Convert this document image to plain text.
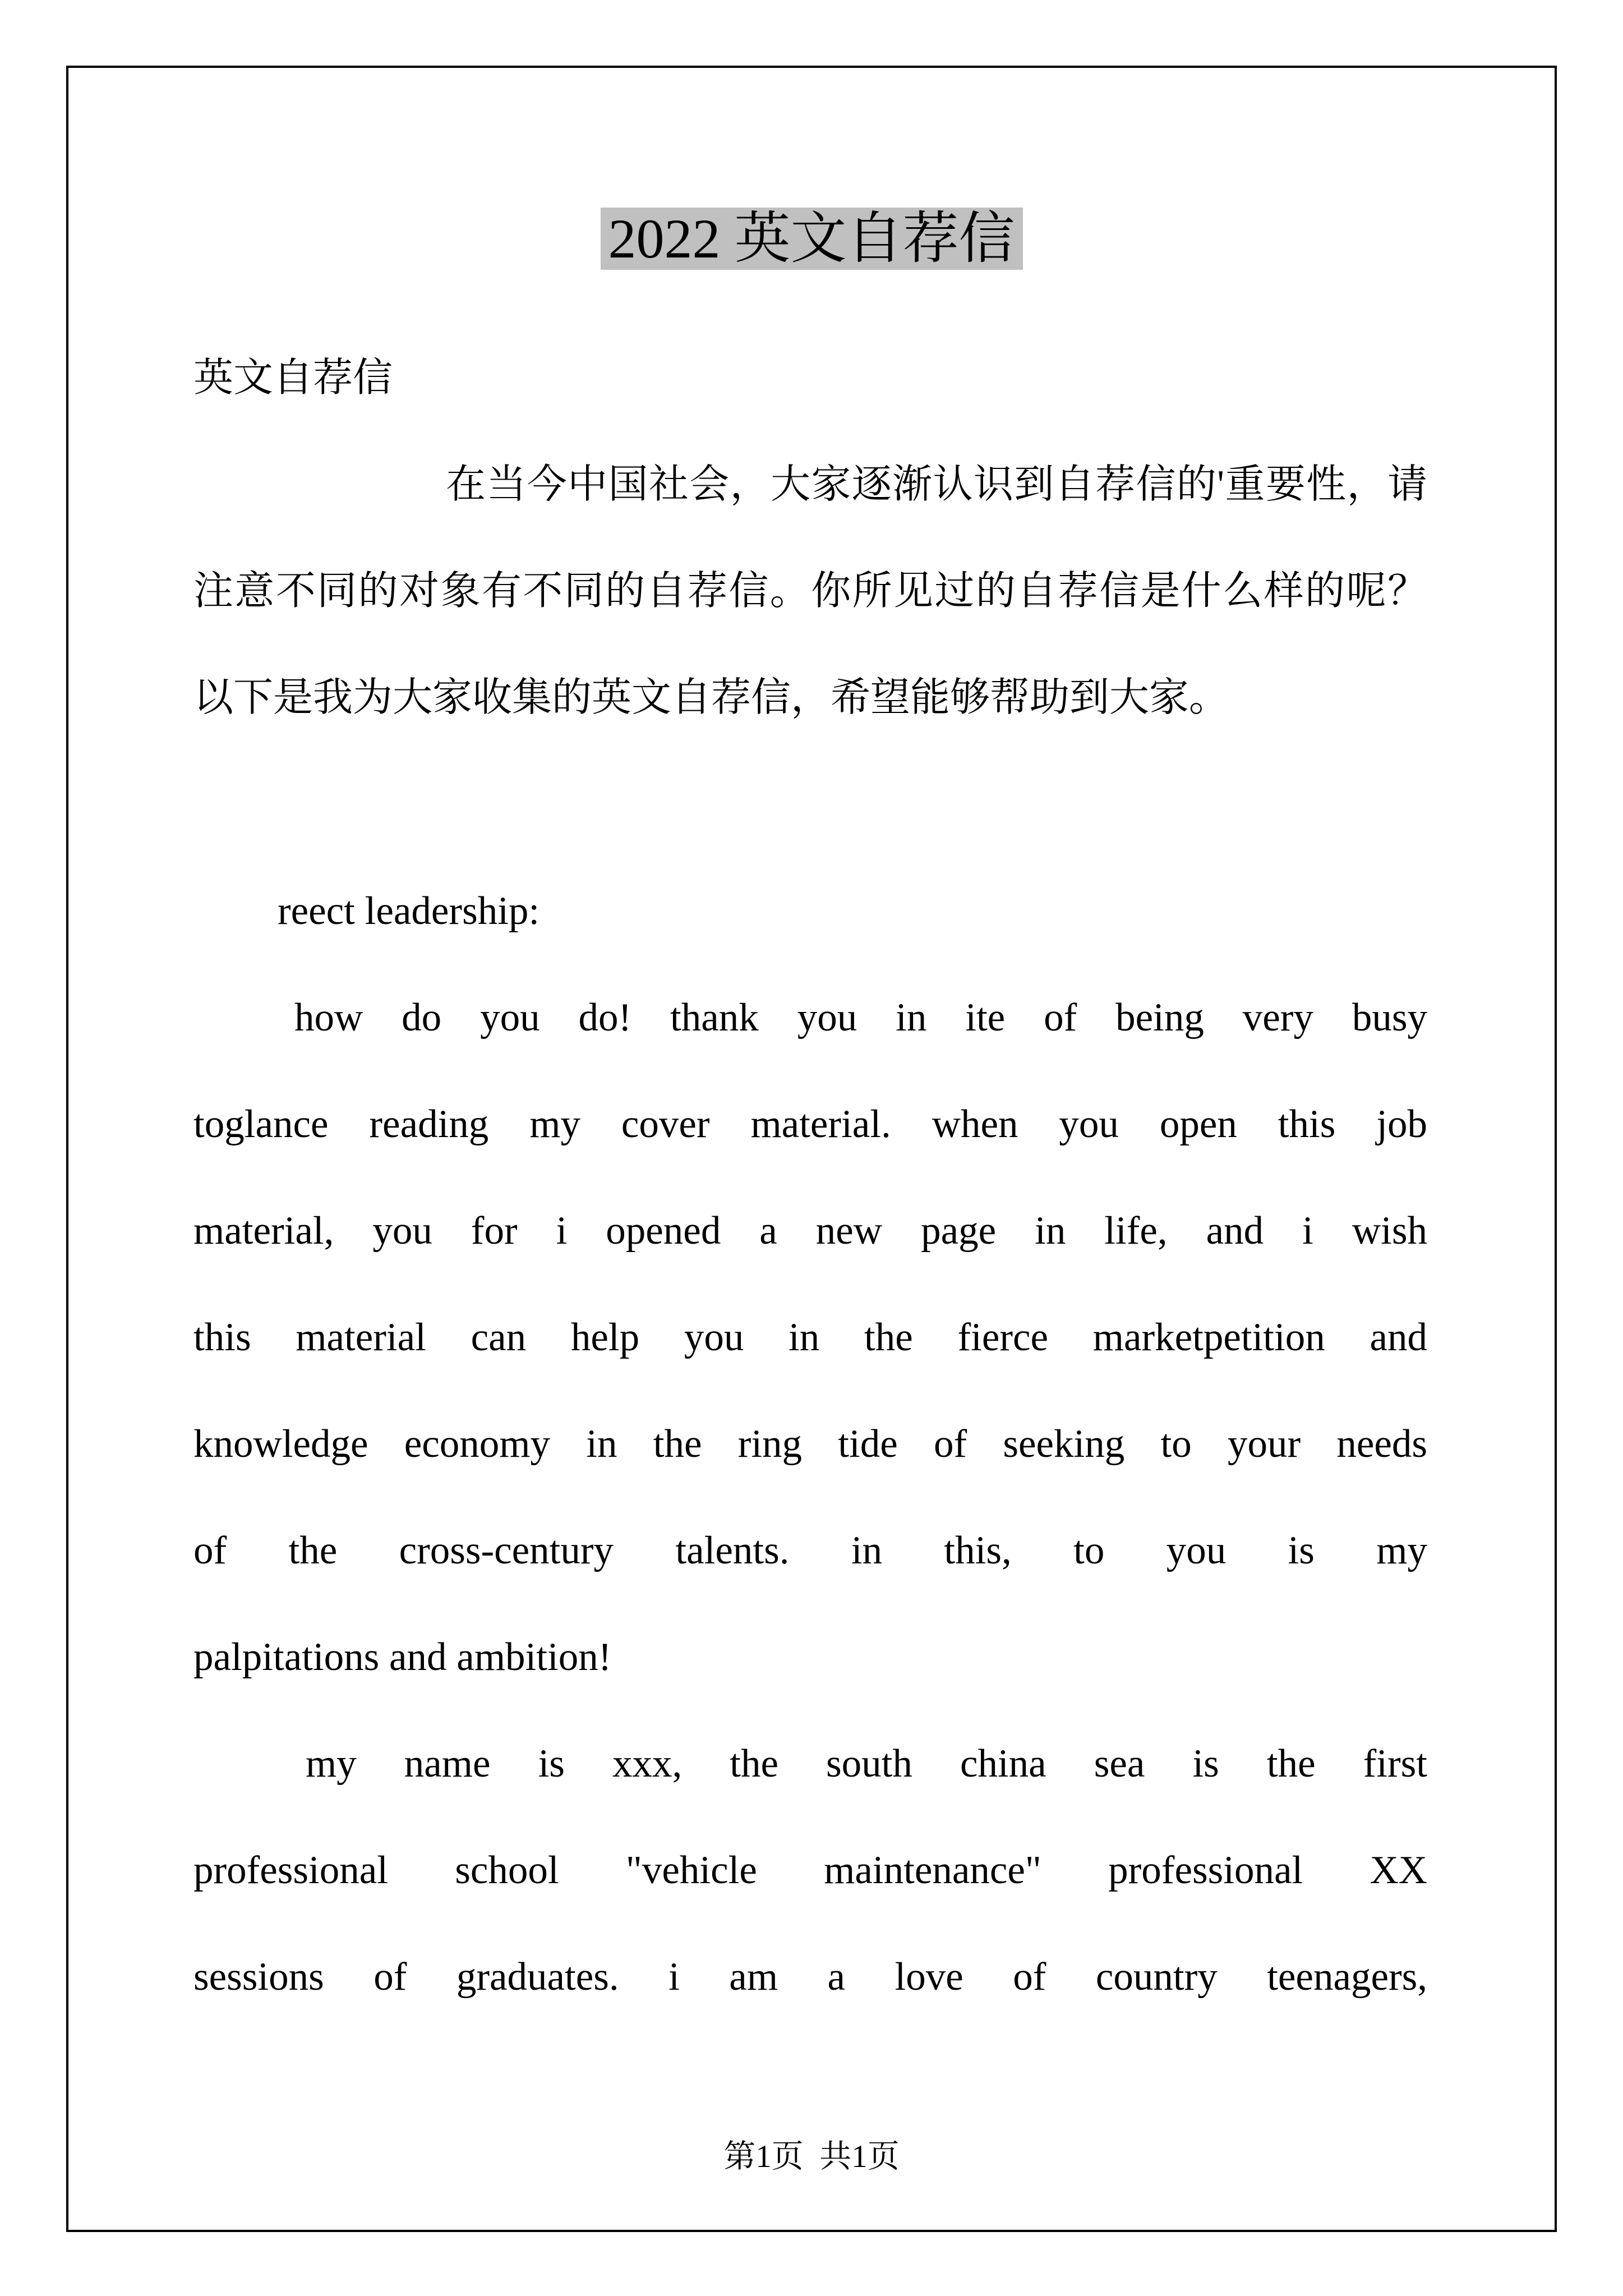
2022 英文自荐信
英文自荐信
在当今中国社会，大家逐渐认识到自荐信的'重要性，请
注意不同的对象有不同的自荐信。你所见过的自荐信是什么样的呢？
以下是我为大家收集的英文自荐信，希望能够帮助到大家。
reect leadership:
how do you do! thank you in ite of being very busy
toglance reading my cover material. when you open this job
material, you for i opened a new page in life, and i wish
this material can help you in the fierce marketpetition and
knowledge economy in the ring tide of seeking to your needs
of the cross-century talents. in this, to you is my
palpitations and ambition!
my name is xxx, the south china sea is the first
professional school "vehicle maintenance" professional XX
sessions of graduates. i am a love of country teenagers,
第1页  共1页
